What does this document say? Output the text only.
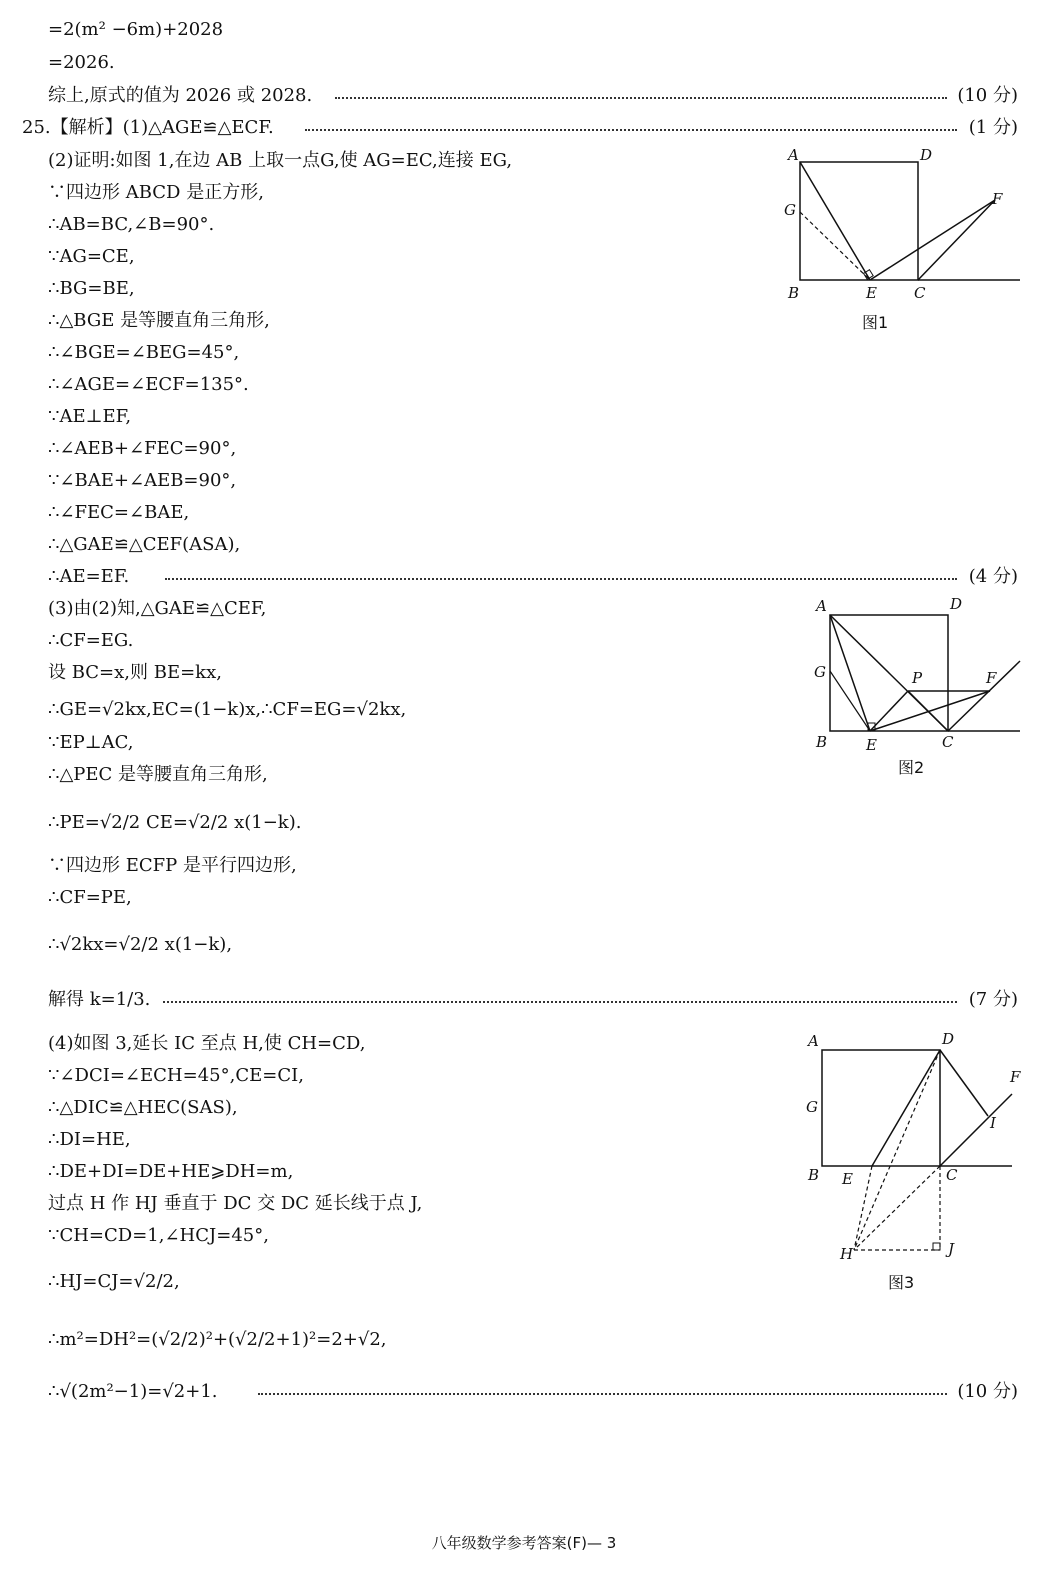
=2(m² −6m)+2028
=2026.
综上,原式的值为 2026 或 2028.
25.【解析】(1)△AGE≌△ECF.
(2)证明:如图 1,在边 AB 上取一点G,使 AG=EC,连接 EG,
∵四边形 ABCD 是正方形,
∴AB=BC,∠B=90°.
∵AG=CE,
∴BG=BE,
∴△BGE 是等腰直角三角形,
∴∠BGE=∠BEG=45°,
∴∠AGE=∠ECF=135°.
∵AE⊥EF,
∴∠AEB+∠FEC=90°,
∵∠BAE+∠AEB=90°,
∴∠FEC=∠BAE,
∴△GAE≌△CEF(ASA),
∴AE=EF.
(3)由(2)知,△GAE≌△CEF,
∴CF=EG.
设 BC=x,则 BE=kx,
∴GE=√2kx,EC=(1−k)x,∴CF=EG=√2kx,
∵EP⊥AC,
∴△PEC 是等腰直角三角形,
∴PE=√2/2 CE=√2/2 x(1−k).
∵四边形 ECFP 是平行四边形,
∴CF=PE,
∴√2kx=√2/2 x(1−k),
解得 k=1/3.
(4)如图 3,延长 IC 至点 H,使 CH=CD,
∵∠DCI=∠ECH=45°,CE=CI,
∴△DIC≌△HEC(SAS),
∴DI=HE,
∴DE+DI=DE+HE⩾DH=m,
过点 H 作 HJ 垂直于 DC 交 DC 延长线于点 J,
∵CH=CD=1,∠HCJ=45°,
∴HJ=CJ=√2/2,
∴m²=DH²=(√2/2)²+(√2/2+1)²=2+√2,
∴√(2m²−1)=√2+1.
(10 分)
(1 分)
(4 分)
(7 分)
(10 分)
A	D
G
F
B	E C
图1
A	D
G	P	F
B	E	C
图2
A	D
F
G
I
B E	C
H	J
图3
八年级数学参考答案(F)— 3
